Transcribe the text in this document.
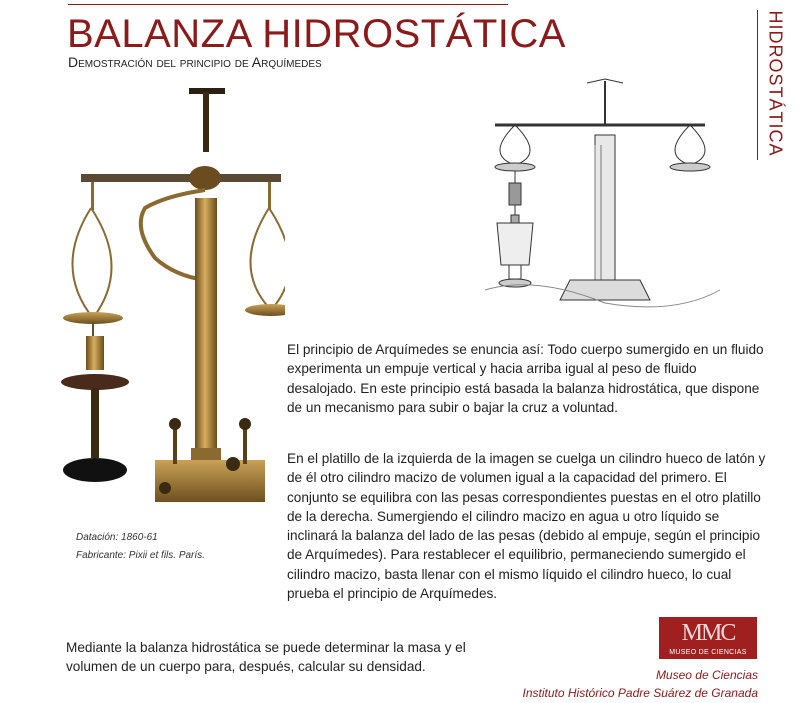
BALANZA HIDROSTÁTICA
Demostración del principio de Arquímedes	HIDROSTÁTICA
Datación: 1860-61
Fabricante: Pixii et fils. París.

El principio de Arquímedes se enuncia así: Todo cuerpo sumergido en un fluido experimenta un empuje vertical y hacia arriba igual al peso de fluido desalojado. En este principio está basada la balanza hidrostática, que dispone de un mecanismo para subir o bajar la cruz a voluntad.

En el platillo de la izquierda de la imagen se cuelga un cilindro hueco de latón y de él otro cilindro macizo de volumen igual a la capacidad del primero. El conjunto se equilibra con las pesas correspondientes puestas en el otro platillo de la derecha. Sumergiendo el cilindro macizo en agua u otro líquido se inclinará la balanza del lado de las pesas (debido al empuje, según el principio de Arquímedes). Para restablecer el equilibrio, permaneciendo sumergido el cilindro macizo, basta llenar con el mismo líquido el cilindro hueco, lo cual prueba el principio de Arquímedes.

Mediante la balanza hidrostática se puede determinar la masa y el volumen de un cuerpo para, después, calcular su densidad.

MMC
MUSEO DE CIENCIAS
Museo de Ciencias
Instituto Histórico Padre Suárez de Granada
